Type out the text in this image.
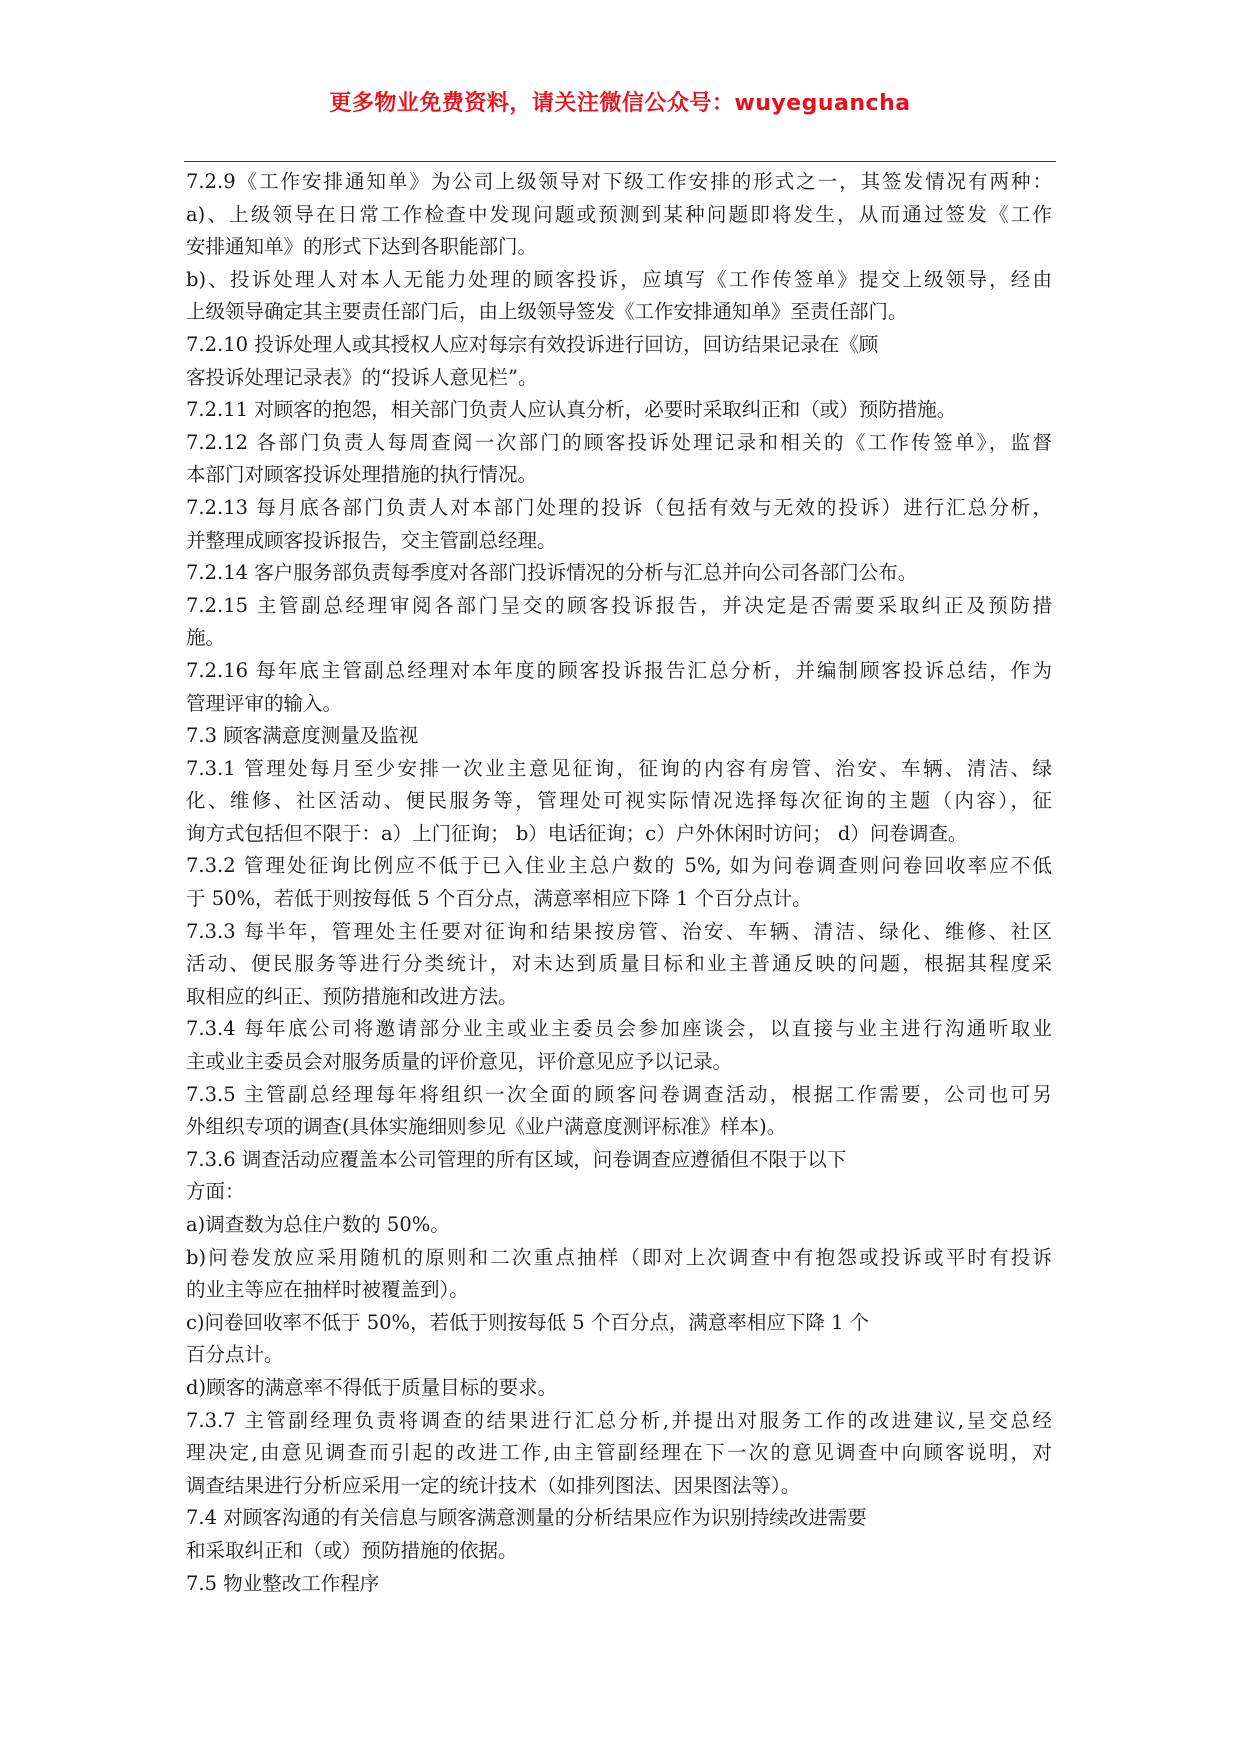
更多物业免费资料，请关注微信公众号：wuyeguancha
7.2.9《工作安排通知单》为公司上级领导对下级工作安排的形式之一，其签发情况有两种：
a)、上级领导在日常工作检查中发现问题或预测到某种问题即将发生，从而通过签发《工作
安排通知单》的形式下达到各职能部门。
b)、投诉处理人对本人无能力处理的顾客投诉，应填写《工作传签单》提交上级领导，经由
上级领导确定其主要责任部门后，由上级领导签发《工作安排通知单》至责任部门。
7.2.10 投诉处理人或其授权人应对每宗有效投诉进行回访，回访结果记录在《顾
客投诉处理记录表》的“投诉人意见栏”。
7.2.11 对顾客的抱怨，相关部门负责人应认真分析，必要时采取纠正和（或）预防措施。
7.2.12 各部门负责人每周查阅一次部门的顾客投诉处理记录和相关的《工作传签单》，监督
本部门对顾客投诉处理措施的执行情况。
7.2.13 每月底各部门负责人对本部门处理的投诉（包括有效与无效的投诉）进行汇总分析，
并整理成顾客投诉报告，交主管副总经理。
7.2.14 客户服务部负责每季度对各部门投诉情况的分析与汇总并向公司各部门公布。
7.2.15 主管副总经理审阅各部门呈交的顾客投诉报告，并决定是否需要采取纠正及预防措
施。
7.2.16 每年底主管副总经理对本年度的顾客投诉报告汇总分析，并编制顾客投诉总结，作为
管理评审的输入。
7.3 顾客满意度测量及监视
7.3.1 管理处每月至少安排一次业主意见征询，征询的内容有房管、治安、车辆、清洁、绿
化、维修、社区活动、便民服务等，管理处可视实际情况选择每次征询的主题（内容），征
询方式包括但不限于：a）上门征询； b）电话征询；c）户外休闲时访问； d）问卷调查。
7.3.2 管理处征询比例应不低于已入住业主总户数的 5%, 如为问卷调查则问卷回收率应不低
于 50%，若低于则按每低 5 个百分点，满意率相应下降 1 个百分点计。
7.3.3 每半年，管理处主任要对征询和结果按房管、治安、车辆、清洁、绿化、维修、社区
活动、便民服务等进行分类统计，对未达到质量目标和业主普通反映的问题，根据其程度采
取相应的纠正、预防措施和改进方法。
7.3.4 每年底公司将邀请部分业主或业主委员会参加座谈会，以直接与业主进行沟通听取业
主或业主委员会对服务质量的评价意见，评价意见应予以记录。
7.3.5 主管副总经理每年将组织一次全面的顾客问卷调查活动，根据工作需要，公司也可另
外组织专项的调查(具体实施细则参见《业户满意度测评标准》样本)。
7.3.6 调查活动应覆盖本公司管理的所有区域，问卷调查应遵循但不限于以下
方面：
a)调查数为总住户数的 50%。
b)问卷发放应采用随机的原则和二次重点抽样（即对上次调查中有抱怨或投诉或平时有投诉
的业主等应在抽样时被覆盖到）。
c)问卷回收率不低于 50%，若低于则按每低 5 个百分点，满意率相应下降 1 个
百分点计。
d)顾客的满意率不得低于质量目标的要求。
7.3.7 主管副经理负责将调查的结果进行汇总分析,并提出对服务工作的改进建议,呈交总经
理决定,由意见调查而引起的改进工作,由主管副经理在下一次的意见调查中向顾客说明，对
调查结果进行分析应采用一定的统计技术（如排列图法、因果图法等）。
7.4 对顾客沟通的有关信息与顾客满意测量的分析结果应作为识别持续改进需要
和采取纠正和（或）预防措施的依据。
7.5 物业整改工作程序
